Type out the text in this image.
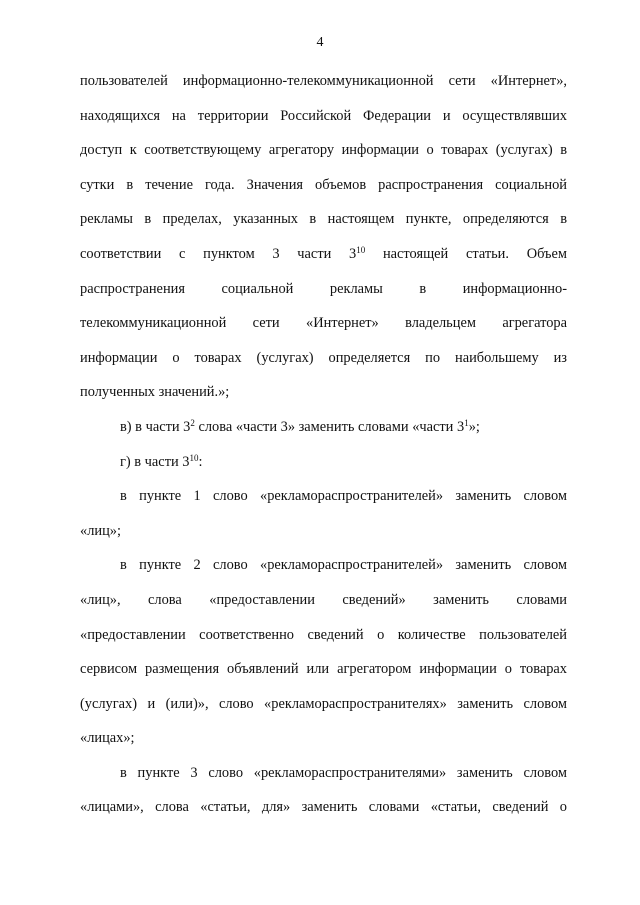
4
пользователей информационно-телекоммуникационной сети «Интернет»,
находящихся на территории Российской Федерации и осуществлявших
доступ к соответствующему агрегатору информации о товарах (услугах) в
сутки в течение года. Значения объемов распространения социальной
рекламы в пределах, указанных в настоящем пункте, определяются в
соответствии с пунктом 3 части $3^{10}$ настоящей статьи. Объем
распространения социальной рекламы в информационно-
телекоммуникационной сети «Интернет» владельцем агрегатора
информации о товарах (услугах) определяется по наибольшему из
полученных значений.»;
в) в части $3^2$ слова «части 3» заменить словами «части $3^1$»;
г) в части $3^{10}$:
в пункте 1 слово «рекламораспространителей» заменить словом
«лиц»;
в пункте 2 слово «рекламораспространителей» заменить словом
«лиц», слова «предоставлении сведений» заменить словами
«предоставлении соответственно сведений о количестве пользователей
сервисом размещения объявлений или агрегатором информации о товарах
(услугах) и (или)», слово «рекламораспространителях» заменить словом
«лицах»;
в пункте 3 слово «рекламораспространителями» заменить словом
«лицами», слова «статьи, для» заменить словами «статьи, сведений о
